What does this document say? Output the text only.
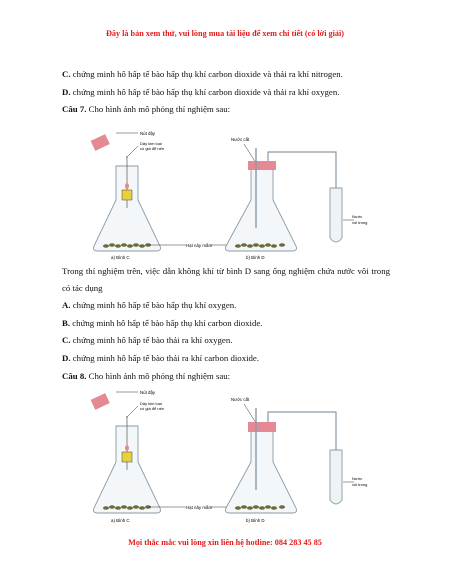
Đây là bản xem thử, vui lòng mua tài liệu để xem chi tiết (có lời giải)
C. chứng minh hô hấp tế bào hấp thụ khí carbon dioxide và thải ra khí nitrogen.
D. chứng minh hô hấp tế bào hấp thụ khí carbon dioxide và thải ra khí oxygen.
Câu 7. Cho hình ảnh mô phỏng thí nghiệm sau:
Nút đậy
Dây kim loại
có giá để nến
a) Bình C
Hạt nảy mầm
Nước cất
b) Bình D
Nước
vôi trong
Trong thí nghiệm trên, việc dẫn không khí từ bình D sang ống nghiệm chứa nước vôi trong có tác dụng
A. chứng minh hô hấp tế bào hấp thụ khí oxygen.
B. chứng minh hô hấp tế bào hấp thụ khí carbon dioxide.
C. chứng minh hô hấp tế bào thải ra khí oxygen.
D. chứng minh hô hấp tế bào thải ra khí carbon dioxide.
Câu 8. Cho hình ảnh mô phỏng thí nghiệm sau:
Nút đậy
Dây kim loại
có giá để nến
a) Bình C
Hạt nảy mầm
Nước cất
b) Bình D
Nước
vôi trong
Mọi thắc mắc vui lòng xin liên hệ hotline: 084 283 45 85
